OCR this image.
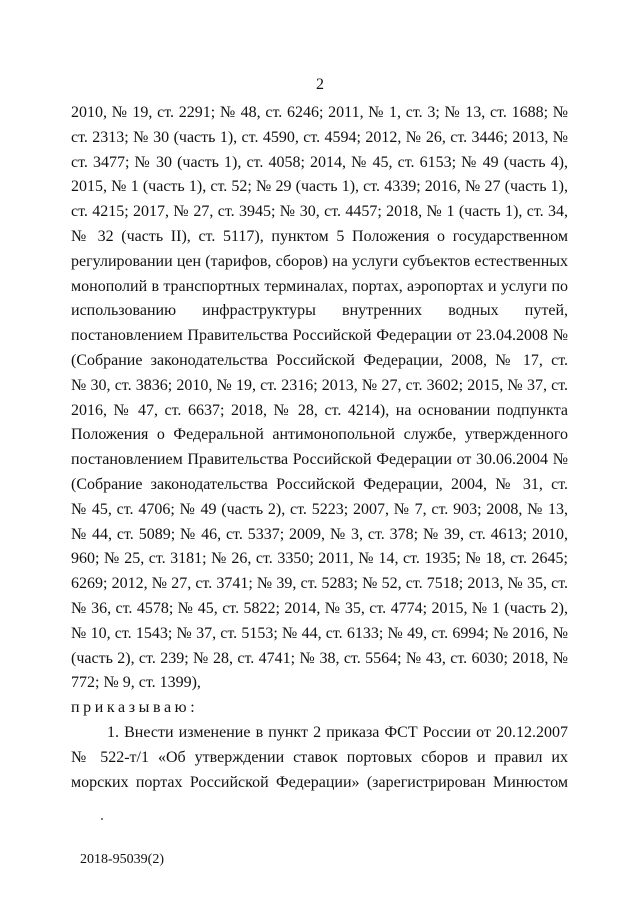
2
2010, № 19, ст. 2291; № 48, ст. 6246; 2011, № 1, ст. 3; № 13, ст. 1688; №
ст. 2313; № 30 (часть 1), ст. 4590, ст. 4594; 2012, № 26, ст. 3446; 2013, №
ст. 3477; № 30 (часть 1), ст. 4058; 2014, № 45, ст. 6153; № 49 (часть 4),
2015, № 1 (часть 1), ст. 52; № 29 (часть 1), ст. 4339; 2016, № 27 (часть 1),
ст. 4215; 2017, № 27, ст. 3945; № 30, ст. 4457; 2018, № 1 (часть 1), ст. 34,
№ 32 (часть II), ст. 5117), пунктом 5 Положения о государственном
регулировании цен (тарифов, сборов) на услуги субъектов естественных
монополий в транспортных терминалах, портах, аэропортах и услуги по
использованию инфраструктуры внутренних водных путей,
постановлением Правительства Российской Федерации от 23.04.2008 №
(Собрание законодательства Российской Федерации, 2008, № 17, ст.
№ 30, ст. 3836; 2010, № 19, ст. 2316; 2013, № 27, ст. 3602; 2015, № 37, ст.
2016, № 47, ст. 6637; 2018, № 28, ст. 4214), на основании подпункта
Положения о Федеральной антимонопольной службе, утвержденного
постановлением Правительства Российской Федерации от 30.06.2004 №
(Собрание законодательства Российской Федерации, 2004, № 31, ст.
№ 45, ст. 4706; № 49 (часть 2), ст. 5223; 2007, № 7, ст. 903; 2008, № 13,
№ 44, ст. 5089; № 46, ст. 5337; 2009, № 3, ст. 378; № 39, ст. 4613; 2010,
960; № 25, ст. 3181; № 26, ст. 3350; 2011, № 14, ст. 1935; № 18, ст. 2645;
6269; 2012, № 27, ст. 3741; № 39, ст. 5283; № 52, ст. 7518; 2013, № 35, ст.
№ 36, ст. 4578; № 45, ст. 5822; 2014, № 35, ст. 4774; 2015, № 1 (часть 2),
№ 10, ст. 1543; № 37, ст. 5153; № 44, ст. 6133; № 49, ст. 6994; № 2016, №
(часть 2), ст. 239; № 28, ст. 4741; № 38, ст. 5564; № 43, ст. 6030; 2018, №
772; № 9, ст. 1399),
приказываю:
1. Внести изменение в пункт 2 приказа ФСТ России от 20.12.2007
№ 522-т/1 «Об утверждении ставок портовых сборов и правил их
морских портах Российской Федерации» (зарегистрирован Минюстом
2018-95039(2)
